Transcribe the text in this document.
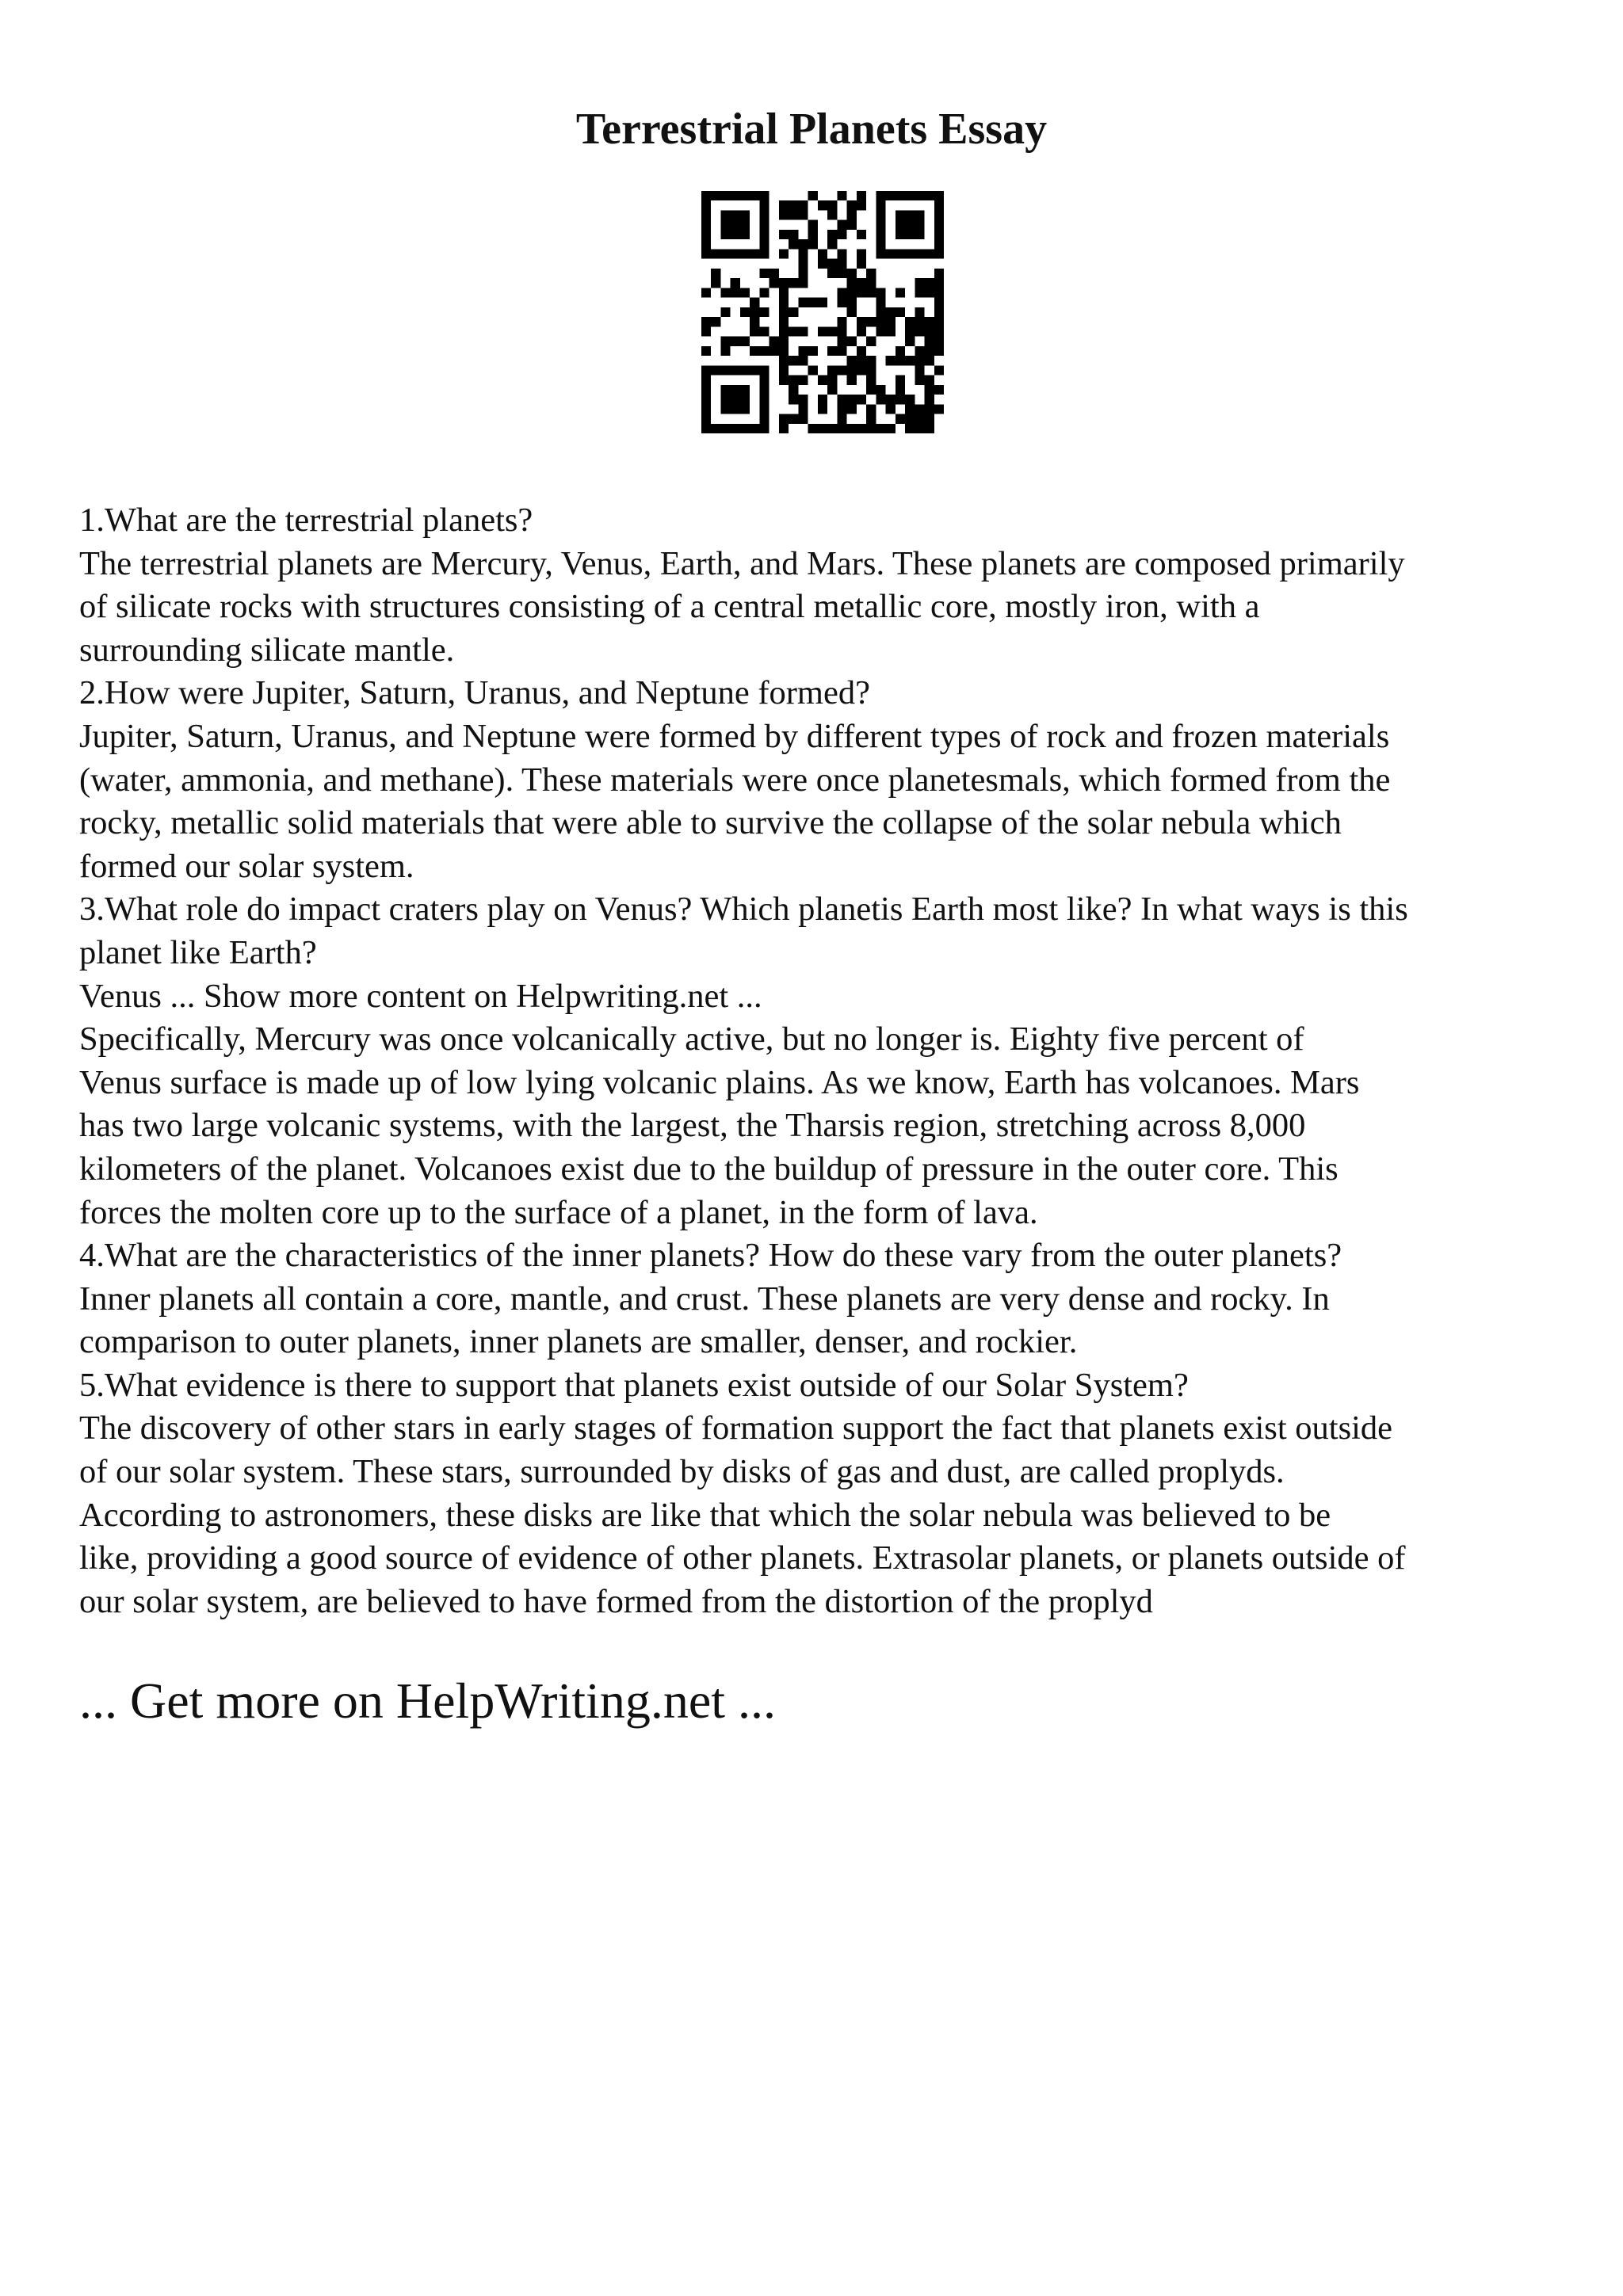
Terrestrial Planets Essay
1.What are the terrestrial planets?
The terrestrial planets are Mercury, Venus, Earth, and Mars. These planets are composed primarily
of silicate rocks with structures consisting of a central metallic core, mostly iron, with a
surrounding silicate mantle.
2.How were Jupiter, Saturn, Uranus, and Neptune formed?
Jupiter, Saturn, Uranus, and Neptune were formed by different types of rock and frozen materials
(water, ammonia, and methane). These materials were once planetesmals, which formed from the
rocky, metallic solid materials that were able to survive the collapse of the solar nebula which
formed our solar system.
3.What role do impact craters play on Venus? Which planetis Earth most like? In what ways is this
planet like Earth?
Venus ... Show more content on Helpwriting.net ...
Specifically, Mercury was once volcanically active, but no longer is. Eighty five percent of
Venus surface is made up of low lying volcanic plains. As we know, Earth has volcanoes. Mars
has two large volcanic systems, with the largest, the Tharsis region, stretching across 8,000
kilometers of the planet. Volcanoes exist due to the buildup of pressure in the outer core. This
forces the molten core up to the surface of a planet, in the form of lava.
4.What are the characteristics of the inner planets? How do these vary from the outer planets?
Inner planets all contain a core, mantle, and crust. These planets are very dense and rocky. In
comparison to outer planets, inner planets are smaller, denser, and rockier.
5.What evidence is there to support that planets exist outside of our Solar System?
The discovery of other stars in early stages of formation support the fact that planets exist outside
of our solar system. These stars, surrounded by disks of gas and dust, are called proplyds.
According to astronomers, these disks are like that which the solar nebula was believed to be
like, providing a good source of evidence of other planets. Extrasolar planets, or planets outside of
our solar system, are believed to have formed from the distortion of the proplyd
... Get more on HelpWriting.net ...
